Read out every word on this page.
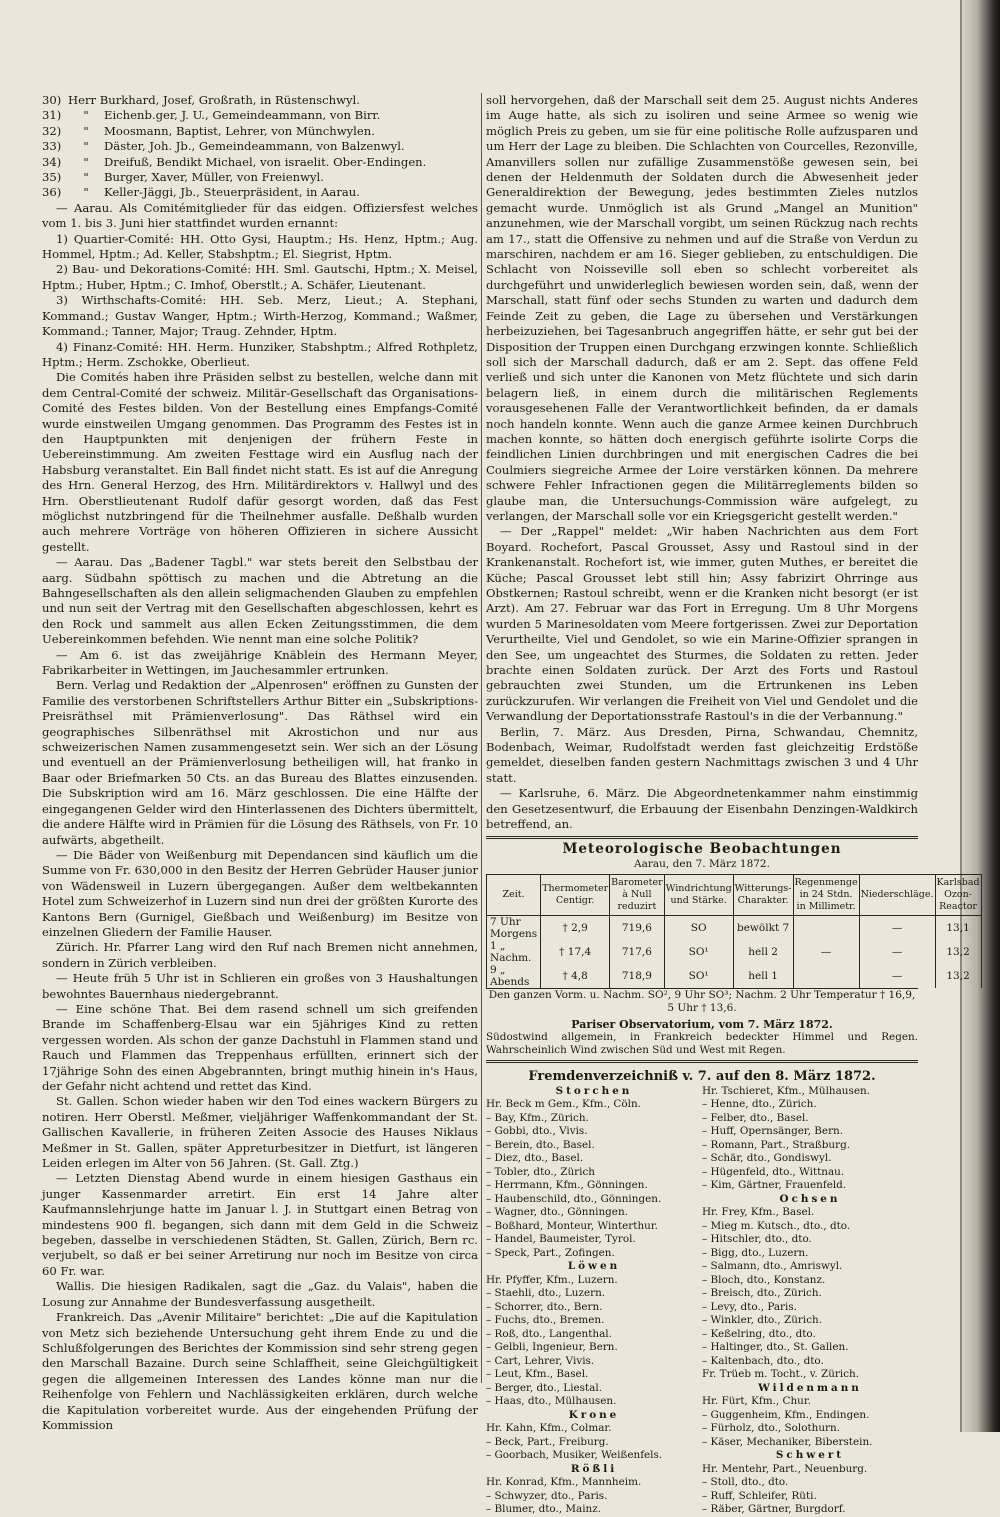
30) Herr Burkhard, Josef, Großrath, in Rüstenschwyl.
31) " Eichenb.ger, J. U., Gemeindeammann, von Birr.
32) " Moosmann, Baptist, Lehrer, von Münchwylen.
33) " Däster, Joh. Jb., Gemeindeammann, von Balzenwyl.
34) " Dreifuß, Bendikt Michael, von israelit. Ober-Endingen.
35) " Burger, Xaver, Müller, von Freienwyl.
36) " Keller-Jäggi, Jb., Steuerpräsident, in Aarau.

— Aarau. Als Comitémitglieder für das eidgen. Offiziersfest welches vom 1. bis 3. Juni hier stattfindet wurden ernannt:

1) Quartier-Comité: HH. Otto Gysi, Hauptm.; Hs. Henz, Hptm.; Aug. Hommel, Hptm.; Ad. Keller, Stabshptm.; El. Siegrist, Hptm.

2) Bau- und Dekorations-Comité: HH. Sml. Gautschi, Hptm.; X. Meisel, Hptm.; Huber, Hptm.; C. Imhof, Oberstlt.; A. Schäfer, Lieutenant.

3) Wirthschafts-Comité: HH. Seb. Merz, Lieut.; A. Stephani, Kommand.; Gustav Wanger, Hptm.; Wirth-Herzog, Kommand.; Waßmer, Kommand.; Tanner, Major; Traug. Zehnder, Hptm.

4) Finanz-Comité: HH. Herm. Hunziker, Stabshptm.; Alfred Rothpletz, Hptm.; Herm. Zschokke, Oberlieut.

Die Comités haben ihre Präsiden selbst zu bestellen, welche dann mit dem Central-Comité der schweiz. Militär-Gesellschaft das Organisations-Comité des Festes bilden. Von der Bestellung eines Empfangs-Comité wurde einstweilen Umgang genommen. Das Programm des Festes ist in den Hauptpunkten mit denjenigen der frühern Feste in Uebereinstimmung. Am zweiten Festtage wird ein Ausflug nach der Habsburg veranstaltet. Ein Ball findet nicht statt. Es ist auf die Anregung des Hrn. General Herzog, des Hrn. Militärdirektors v. Hallwyl und des Hrn. Oberstlieutenant Rudolf dafür gesorgt worden, daß das Fest möglichst nutzbringend für die Theilnehmer ausfalle. Deßhalb wurden auch mehrere Vorträge von höheren Offizieren in sichere Aussicht gestellt.

— Aarau. Das „Badener Tagbl." war stets bereit den Selbstbau der aarg. Südbahn spöttisch zu machen und die Abtretung an die Bahngesellschaften als den allein seligmachenden Glauben zu empfehlen und nun seit der Vertrag mit den Gesellschaften abgeschlossen, kehrt es den Rock und sammelt aus allen Ecken Zeitungsstimmen, die dem Uebereinkommen befehden. Wie nennt man eine solche Politik?

— Am 6. ist das zweijährige Knäblein des Hermann Meyer, Fabrikarbeiter in Wettingen, im Jauchesammler ertrunken.

Bern. Verlag und Redaktion der „Alpenrosen" eröffnen zu Gunsten der Familie des verstorbenen Schriftstellers Arthur Bitter ein „Subskriptions-Preisräthsel mit Prämienverlosung". Das Räthsel wird ein geographisches Silbenräthsel mit Akrostichon und nur aus schweizerischen Namen zusammengesetzt sein. Wer sich an der Lösung und eventuell an der Prämienverlosung betheiligen will, hat franko in Baar oder Briefmarken 50 Cts. an das Bureau des Blattes einzusenden. Die Subskription wird am 16. März geschlossen. Die eine Hälfte der eingegangenen Gelder wird den Hinterlassenen des Dichters übermittelt, die andere Hälfte wird in Prämien für die Lösung des Räthsels, von Fr. 10 aufwärts, abgetheilt.

— Die Bäder von Weißenburg mit Dependancen sind käuflich um die Summe von Fr. 630,000 in den Besitz der Herren Gebrüder Hauser junior von Wädensweil in Luzern übergegangen. Außer dem weltbekannten Hotel zum Schweizerhof in Luzern sind nun drei der größten Kurorte des Kantons Bern (Gurnigel, Gießbach und Weißenburg) im Besitze von einzelnen Gliedern der Familie Hauser.

Zürich. Hr. Pfarrer Lang wird den Ruf nach Bremen nicht annehmen, sondern in Zürich verbleiben.

— Heute früh 5 Uhr ist in Schlieren ein großes von 3 Haushaltungen bewohntes Bauernhaus niedergebrannt.

— Eine schöne That. Bei dem rasend schnell um sich greifenden Brande im Schaffenberg-Elsau war ein 5jähriges Kind zu retten vergessen worden. Als schon der ganze Dachstuhl in Flammen stand und Rauch und Flammen das Treppenhaus erfüllten, erinnert sich der 17jährige Sohn des einen Abgebrannten, bringt muthig hinein in's Haus, der Gefahr nicht achtend und rettet das Kind.

St. Gallen. Schon wieder haben wir den Tod eines wackern Bürgers zu notiren. Herr Oberstl. Meßmer, vieljähriger Waffenkommandant der St. Gallischen Kavallerie, in früheren Zeiten Associe des Hauses Niklaus Meßmer in St. Gallen, später Appreturbesitzer in Dietfurt, ist längeren Leiden erlegen im Alter von 56 Jahren. (St. Gall. Ztg.)

— Letzten Dienstag Abend wurde in einem hiesigen Gasthaus ein junger Kassenmarder arretirt. Ein erst 14 Jahre alter Kaufmannslehrjunge hatte im Januar l. J. in Stuttgart einen Betrag von mindestens 900 fl. begangen, sich dann mit dem Geld in die Schweiz begeben, dasselbe in verschiedenen Städten, St. Gallen, Zürich, Bern rc. verjubelt, so daß er bei seiner Arretirung nur noch im Besitze von circa 60 Fr. war.

Wallis. Die hiesigen Radikalen, sagt die „Gaz. du Valais", haben die Losung zur Annahme der Bundesverfassung ausgetheilt.

Frankreich. Das „Avenir Militaire" berichtet: „Die auf die Kapitulation von Metz sich beziehende Untersuchung geht ihrem Ende zu und die Schlußfolgerungen des Berichtes der Kommission sind sehr streng gegen den Marschall Bazaine. Durch seine Schlaffheit, seine Gleichgültigkeit gegen die allgemeinen Interessen des Landes könne man nur die Reihenfolge von Fehlern und Nachlässigkeiten erklären, durch welche die Kapitulation vorbereitet wurde. Aus der eingehenden Prüfung der Kommission

soll hervorgehen, daß der Marschall seit dem 25. August nichts Anderes im Auge hatte, als sich zu isoliren und seine Armee so wenig wie möglich Preis zu geben, um sie für eine politische Rolle aufzusparen und um Herr der Lage zu bleiben. Die Schlachten von Courcelles, Rezonville, Amanvillers sollen nur zufällige Zusammenstöße gewesen sein, bei denen der Heldenmuth der Soldaten durch die Abwesenheit jeder Generaldirektion der Bewegung, jedes bestimmten Zieles nutzlos gemacht wurde. Unmöglich ist als Grund „Mangel an Munition" anzunehmen, wie der Marschall vorgibt, um seinen Rückzug nach rechts am 17., statt die Offensive zu nehmen und auf die Straße von Verdun zu marschiren, nachdem er am 16. Sieger geblieben, zu entschuldigen. Die Schlacht von Noisseville soll eben so schlecht vorbereitet als durchgeführt und unwiderleglich bewiesen worden sein, daß, wenn der Marschall, statt fünf oder sechs Stunden zu warten und dadurch dem Feinde Zeit zu geben, die Lage zu übersehen und Verstärkungen herbeizuziehen, bei Tagesanbruch angegriffen hätte, er sehr gut bei der Disposition der Truppen einen Durchgang erzwingen konnte. Schließlich soll sich der Marschall dadurch, daß er am 2. Sept. das offene Feld verließ und sich unter die Kanonen von Metz flüchtete und sich darin belagern ließ, in einem durch die militärischen Reglements vorausgesehenen Falle der Verantwortlichkeit befinden, da er damals noch handeln konnte. Wenn auch die ganze Armee keinen Durchbruch machen konnte, so hätten doch energisch geführte isolirte Corps die feindlichen Linien durchbringen und mit energischen Cadres die bei Coulmiers siegreiche Armee der Loire verstärken können. Da mehrere schwere Fehler Infractionen gegen die Militärreglements bilden so glaube man, die Untersuchungs-Commission wäre aufgelegt, zu verlangen, der Marschall solle vor ein Kriegsgericht gestellt werden."

— Der „Rappel" meldet: „Wir haben Nachrichten aus dem Fort Boyard. Rochefort, Pascal Grousset, Assy und Rastoul sind in der Krankenanstalt. Rochefort ist, wie immer, guten Muthes, er bereitet die Küche; Pascal Grousset lebt still hin; Assy fabrizirt Ohrringe aus Obstkernen; Rastoul schreibt, wenn er die Kranken nicht besorgt (er ist Arzt). Am 27. Februar war das Fort in Erregung. Um 8 Uhr Morgens wurden 5 Marinesoldaten vom Meere fortgerissen. Zwei zur Deportation Verurtheilte, Viel und Gendolet, so wie ein Marine-Offizier sprangen in den See, um ungeachtet des Sturmes, die Soldaten zu retten. Jeder brachte einen Soldaten zurück. Der Arzt des Forts und Rastoul gebrauchten zwei Stunden, um die Ertrunkenen ins Leben zurückzurufen. Wir verlangen die Freiheit von Viel und Gendolet und die Verwandlung der Deportationsstrafe Rastoul's in die der Verbannung."

Berlin, 7. März. Aus Dresden, Pirna, Schwandau, Chemnitz, Bodenbach, Weimar, Rudolfstadt werden fast gleichzeitig Erdstöße gemeldet, dieselben fanden gestern Nachmittags zwischen 3 und 4 Uhr statt.

— Karlsruhe, 6. März. Die Abgeordnetenkammer nahm einstimmig den Gesetzesentwurf, die Erbauung der Eisenbahn Denzingen-Waldkirch betreffend, an.

Meteorologische Beobachtungen
Aarau, den 7. März 1872.
Zeit.	Thermometer Centigr.	Barometer à Null reduzirt	Windrichtung und Stärke.	Witterungs-Charakter.	Regenmenge in 24 Stdn. in Millimetr.	Niederschläge.	Karlsbad Ozon-Reactor
7 Uhr Morgens	† 2,9	719,6	SO	bewölkt 7		—	13,1
1 „ Nachm.	† 17,4	717,6	SO¹	hell 2	—	—	13,2
9 „ Abends	† 4,8	718,9	SO¹	hell 1		—	13,2
Den ganzen Vorm. u. Nachm. SO², 9 Uhr SO³; Nachm. 2 Uhr Temperatur † 16,9, 5 Uhr † 13,6.
Pariser Observatorium, vom 7. März 1872.
Südostwind allgemein, in Frankreich bedeckter Himmel und Regen. Wahrscheinlich Wind zwischen Süd und West mit Regen.
Fremdenverzeichniß v. 7. auf den 8. März 1872.
Storchen
Hr. Beck m Gem., Kfm., Cöln.
– Bay, Kfm., Zürich.
– Gobbi, dto., Vivis.
– Berein, dto., Basel.
– Diez, dto., Basel.
– Tobler, dto., Zürich
– Herrmann, Kfm., Gönningen.
– Haubenschild, dto., Gönningen.
– Wagner, dto., Gönningen.
– Boßhard, Monteur, Winterthur.
– Handel, Baumeister, Tyrol.
– Speck, Part., Zofingen.
Löwen
Hr. Pfyffer, Kfm., Luzern.
– Staehli, dto., Luzern.
– Schorrer, dto., Bern.
– Fuchs, dto., Bremen.
– Roß, dto., Langenthal.
– Gelbli, Ingenieur, Bern.
– Cart, Lehrer, Vivis.
– Leut, Kfm., Basel.
– Berger, dto., Liestal.
– Haas, dto., Mülhausen.
Krone
Hr. Kahn, Kfm., Colmar.
– Beck, Part., Freiburg.
– Goorbach, Musiker, Weißenfels.
Rößli
Hr. Konrad, Kfm., Mannheim.
– Schwyzer, dto., Paris.
– Blumer, dto., Mainz.
Hr. Tschieret, Kfm., Mülhausen.
– Henne, dto., Zürich.
– Felber, dto., Basel.
– Huff, Opernsänger, Bern.
– Romann, Part., Straßburg.
– Schär, dto., Gondiswyl.
– Hügenfeld, dto., Wittnau.
– Kim, Gärtner, Frauenfeld.
Ochsen
Hr. Frey, Kfm., Basel.
– Mieg m. Kutsch., dto., dto.
– Hitschler, dto., dto.
– Bigg, dto., Luzern.
– Salmann, dto., Amriswyl.
– Bloch, dto., Konstanz.
– Breisch, dto., Zürich.
– Levy, dto., Paris.
– Winkler, dto., Zürich.
– Keßelring, dto., dto.
– Haltinger, dto., St. Gallen.
– Kaltenbach, dto., dto.
Fr. Trüeb m. Tocht., v. Zürich.
Wildenmann
Hr. Fürt, Kfm., Chur.
– Guggenheim, Kfm., Endingen.
– Fürholz, dto., Solothurn.
– Käser, Mechaniker, Biberstein.
Schwert
Hr. Mentehr, Part., Neuenburg.
– Stoll, dto., dto.
– Ruff, Schleifer, Rüti.
– Räber, Gärtner, Burgdorf.
